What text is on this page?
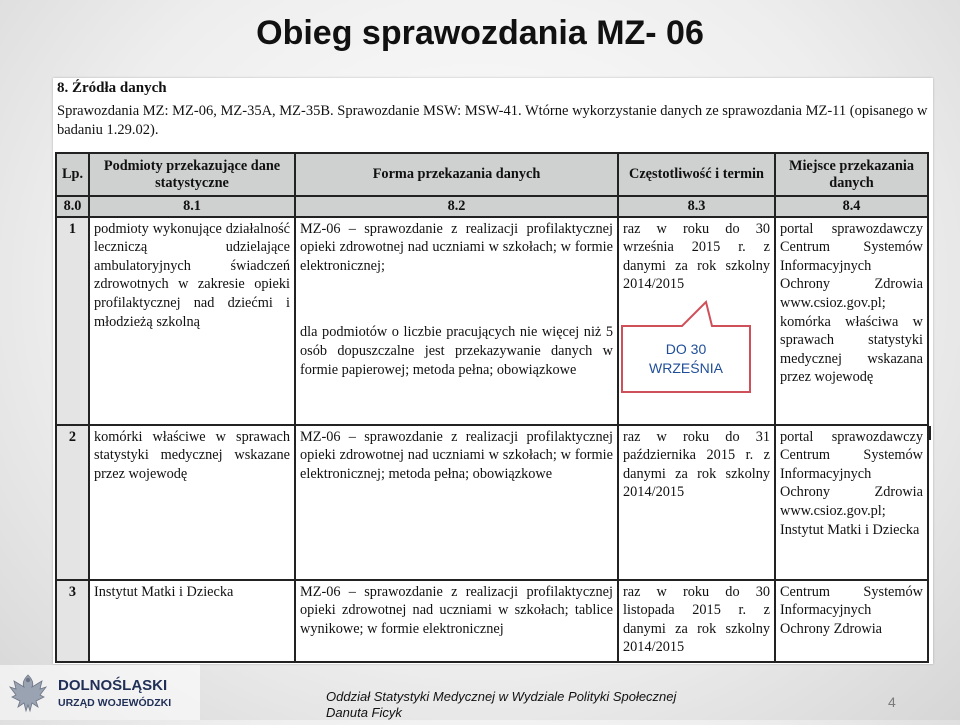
Obieg sprawozdania MZ- 06
8. Źródła danych
Sprawozdania MZ: MZ-06, MZ-35A, MZ-35B. Sprawozdanie MSW: MSW-41. Wtórne wykorzystanie danych ze sprawozdania MZ-11 (opisanego w badaniu 1.29.02).
Lp.	Podmioty przekazujące dane statystyczne	Forma przekazania danych	Częstotliwość i termin	Miejsce przekazania danych
8.0	8.1	8.2	8.3	8.4
1	podmioty wykonujące działalność leczniczą udzielające ambulatoryjnych świadczeń zdrowotnych w zakresie opieki profilaktycznej nad dziećmi i młodzieżą szkolną	MZ-06 – sprawozdanie z realizacji profilaktycznej opieki zdrowotnej nad uczniami w szkołach; w formie elektronicznej;
dla podmiotów o liczbie pracujących nie więcej niż 5 osób dopuszczalne jest przekazywanie danych w formie papierowej; metoda pełna; obowiązkowe	raz w roku do 30 września 2015 r. z danymi za rok szkolny 2014/2015	portal sprawozdawczy Centrum Systemów Informacyjnych Ochrony Zdrowia www.csioz.gov.pl; komórka właściwa w sprawach statystyki medycznej wskazana przez wojewodę
2	komórki właściwe w sprawach statystyki medycznej wskazane przez wojewodę	MZ-06 – sprawozdanie z realizacji profilaktycznej opieki zdrowotnej nad uczniami w szkołach; w formie elektronicznej; metoda pełna; obowiązkowe	raz w roku do 31 października 2015 r. z danymi za rok szkolny 2014/2015	portal sprawozdawczy Centrum Systemów Informacyjnych Ochrony Zdrowia www.csioz.gov.pl; Instytut Matki i Dziecka
3	Instytut Matki i Dziecka	MZ-06 – sprawozdanie z realizacji profilaktycznej opieki zdrowotnej nad uczniami w szkołach; tablice wynikowe; w formie elektronicznej	raz w roku do 30 listopada 2015 r. z danymi za rok szkolny 2014/2015	Centrum Systemów Informacyjnych Ochrony Zdrowia
DO 30
WRZEŚNIA
DOLNOŚLĄSKI
URZĄD WOJEWÓDZKI	Oddział Statystyki Medycznej w Wydziale Polityki Społecznej
Danuta Ficyk
4
